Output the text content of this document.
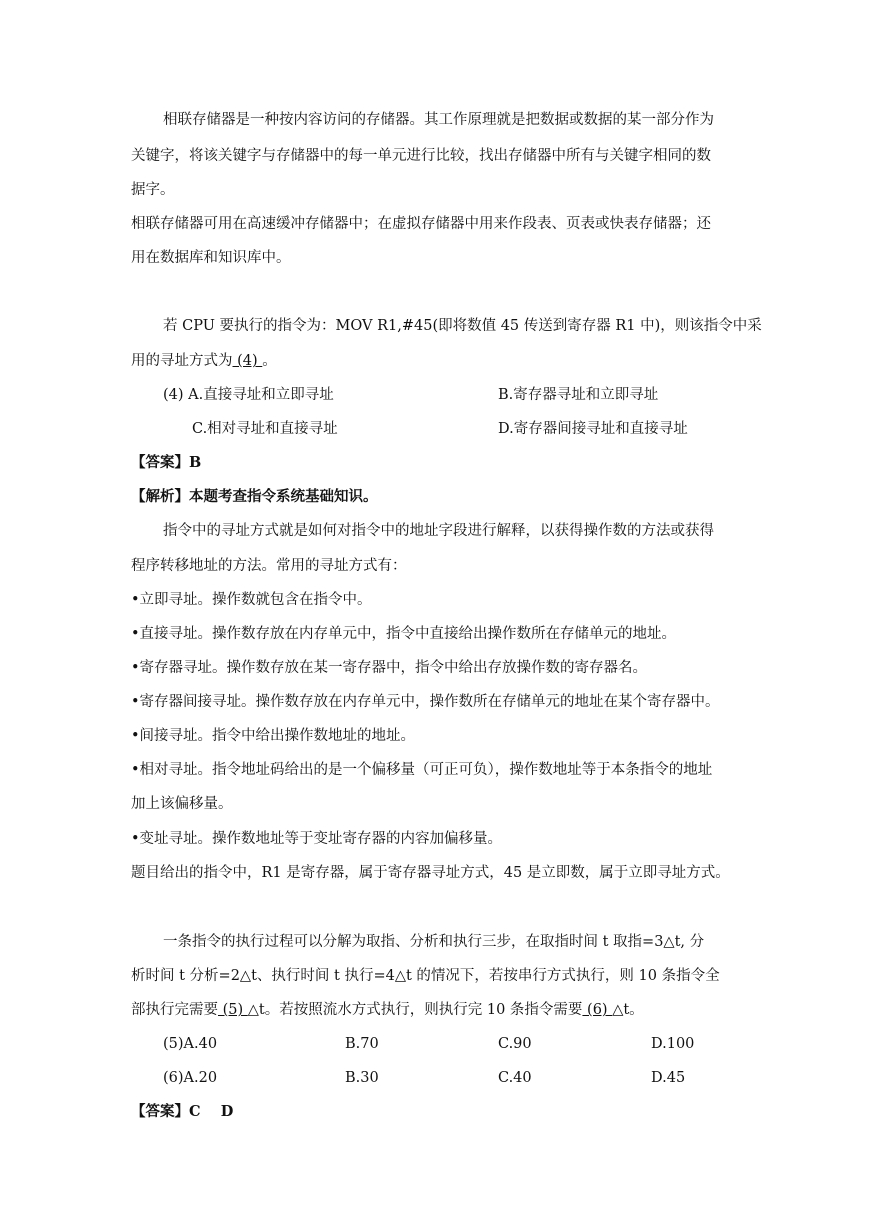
相联存储器是一种按内容访问的存储器。其工作原理就是把数据或数据的某一部分作为
关键字，将该关键字与存储器中的每一单元进行比较，找出存储器中所有与关键字相同的数
据字。
相联存储器可用在高速缓冲存储器中；在虚拟存储器中用来作段表、页表或快表存储器；还
用在数据库和知识库中。
若 CPU 要执行的指令为：MOV R1,#45(即将数值 45 传送到寄存器 R1 中)，则该指令中采
用的寻址方式为 (4) 。
(4) A.直接寻址和立即寻址	B.寄存器寻址和立即寻址
C.相对寻址和直接寻址	D.寄存器间接寻址和直接寻址
【答案】B
【解析】本题考查指令系统基础知识。
指令中的寻址方式就是如何对指令中的地址字段进行解释，以获得操作数的方法或获得
程序转移地址的方法。常用的寻址方式有：
•立即寻址。操作数就包含在指令中。
•直接寻址。操作数存放在内存单元中，指令中直接给出操作数所在存储单元的地址。
•寄存器寻址。操作数存放在某一寄存器中，指令中给出存放操作数的寄存器名。
•寄存器间接寻址。操作数存放在内存单元中，操作数所在存储单元的地址在某个寄存器中。
•间接寻址。指令中给出操作数地址的地址。
•相对寻址。指令地址码给出的是一个偏移量（可正可负），操作数地址等于本条指令的地址
加上该偏移量。
•变址寻址。操作数地址等于变址寄存器的内容加偏移量。
题目给出的指令中，R1 是寄存器，属于寄存器寻址方式，45 是立即数，属于立即寻址方式。
一条指令的执行过程可以分解为取指、分析和执行三步，在取指时间 t 取指=3△t, 分
析时间 t 分析=2△t、执行时间 t 执行=4△t 的情况下，若按串行方式执行，则 10 条指令全
部执行完需要 (5) △t。若按照流水方式执行，则执行完 10 条指令需要 (6) △t。
(5)A.40	B.70	C.90	D.100
(6)A.20	B.30	C.40	D.45
【答案】C    D
